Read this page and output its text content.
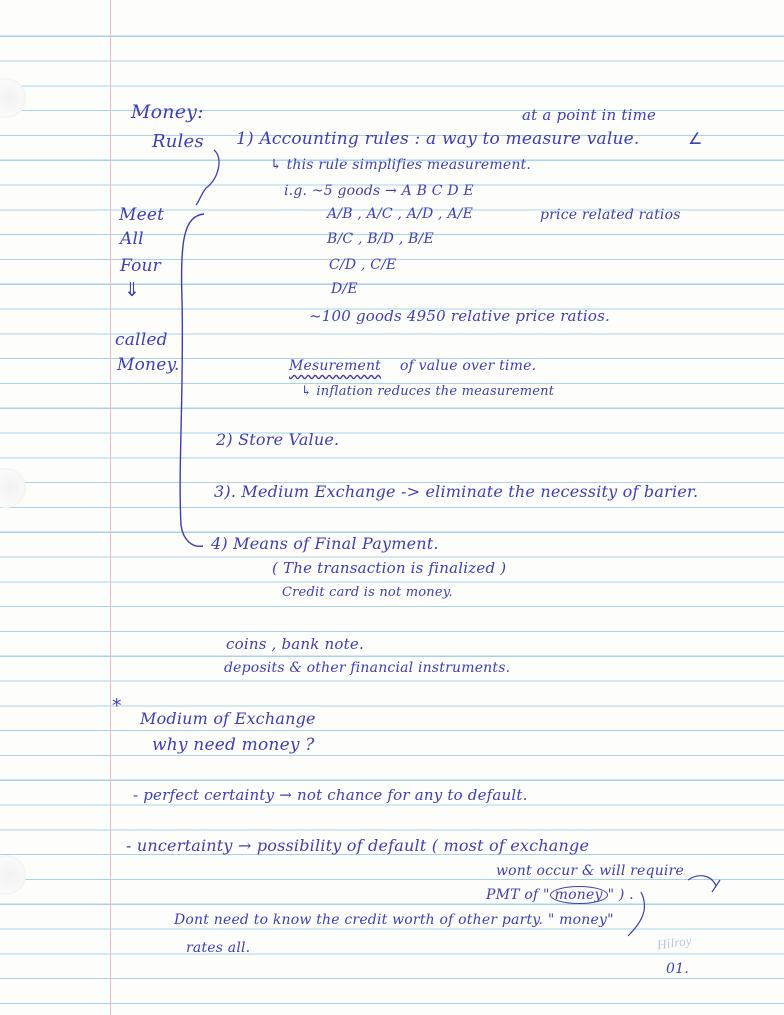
Money:	at a point in time
Rules
Meet
All
Four
⇓
called
Money.
1) Accounting rules : a way to measure value.	∠
↳ this rule simplifies measurement.
i.g. ~5 goods → A B C D E
A/B , A/C , A/D , A/E	price related ratios
B/C , B/D , B/E
C/D , C/E
D/E
~100 goods 4950 relative price ratios.
Mesurement of value over time.
↳ inflation reduces the measurement
2) Store Value.
3). Medium Exchange -> eliminate the necessity of barier.
4) Means of Final Payment.
( The transaction is finalized )
Credit card is not money.
coins , bank note.
deposits & other financial instruments.
*
Modium of Exchange
why need money ?
- perfect certainty → not chance for any to default.
- uncertainty → possibility of default ( most of exchange
wont occur & will require
PMT of " money " ) .
Dont need to know the credit worth of other party. " money"
rates all.	Hilroy
01.
